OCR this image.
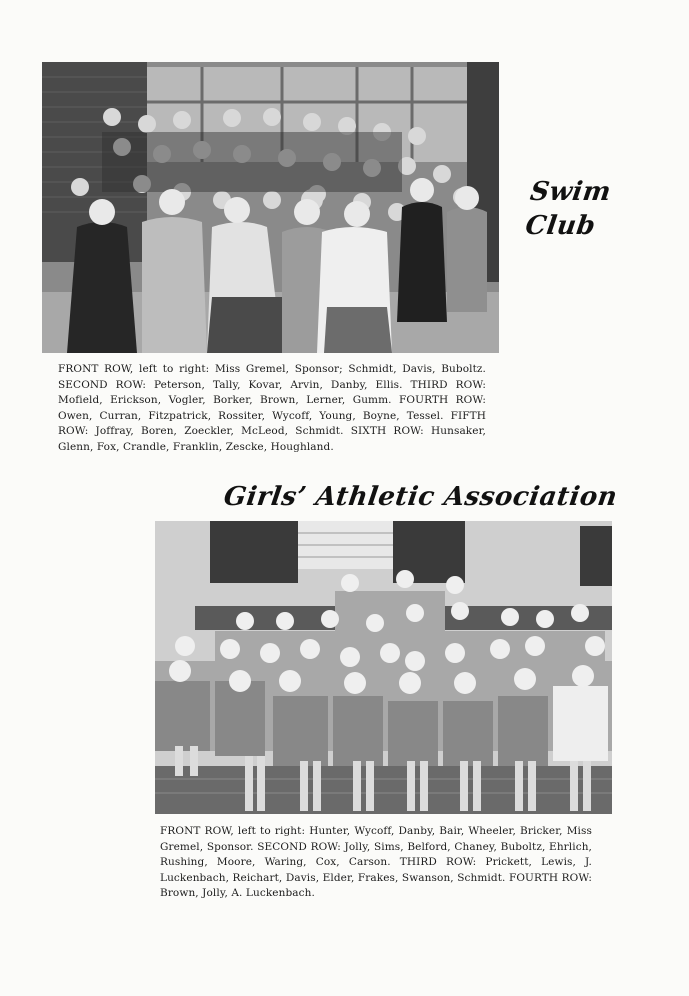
Swim
Club
FRONT ROW, left to right: Miss Gremel, Sponsor; Schmidt, Davis, Buboltz. SECOND ROW: Peterson, Tally, Kovar, Arvin, Danby, Ellis. THIRD ROW: Mofield, Erickson, Vogler, Borker, Brown, Lerner, Gumm. FOURTH ROW: Owen, Curran, Fitzpatrick, Rossiter, Wycoff, Young, Boyne, Tessel. FIFTH ROW: Joffray, Boren, Zoeckler, McLeod, Schmidt. SIXTH ROW: Hunsaker, Glenn, Fox, Crandle, Franklin, Zescke, Houghland.
Girls’ Athletic Association
FRONT ROW, left to right: Hunter, Wycoff, Danby, Bair, Wheeler, Bricker, Miss Gremel, Sponsor. SECOND ROW: Jolly, Sims, Belford, Chaney, Buboltz, Ehrlich, Rushing, Moore, Waring, Cox, Carson. THIRD ROW: Prickett, Lewis, J. Luckenbach, Reichart, Davis, Elder, Frakes, Swanson, Schmidt. FOURTH ROW: Brown, Jolly, A. Luckenbach.
